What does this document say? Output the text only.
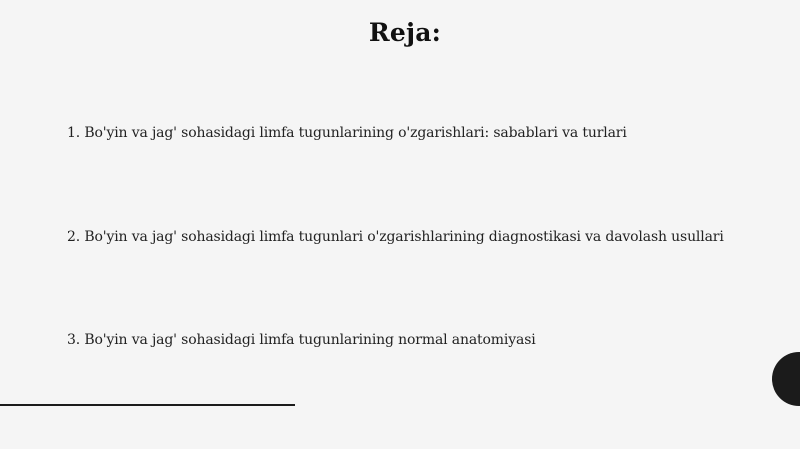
Reja:
1. Bo'yin va jag' sohasidagi limfa tugunlarining o'zgarishlari: sabablari va turlari
2. Bo'yin va jag' sohasidagi limfa tugunlari o'zgarishlarining diagnostikasi va davolash usullari
3. Bo'yin va jag' sohasidagi limfa tugunlarining normal anatomiyasi
